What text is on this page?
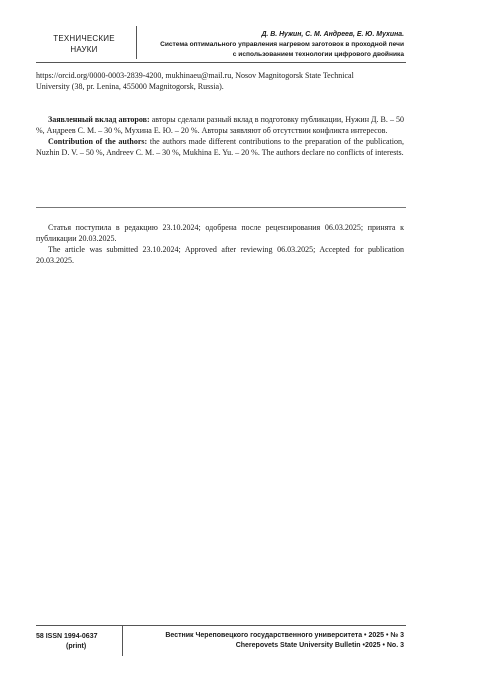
ТЕХНИЧЕСКИЕ
НАУКИ
Д. В. Нужин, С. М. Андреев, Е. Ю. Мухина.
Система оптимального управления нагревом заготовок в проходной печи
с использованием технологии цифрового двойника

https://orcid.org/0000-0003-2839-4200, mukhinaeu@mail.ru, Nosov Magnitogorsk State Technical

University (38, pr. Lenina, 455000 Magnitogorsk, Russia).

Заявленный вклад авторов: авторы сделали разный вклад в подготовку публикации, Нужин Д. В. – 50 %, Андреев С. М. – 30 %, Мухина Е. Ю. – 20 %. Авторы заявляют об отсутствии конфликта интересов.

Contribution of the authors: the authors made different contributions to the preparation of the publication, Nuzhin D. V. – 50 %, Andreev C. M. – 30 %, Mukhina E. Yu. – 20 %. The authors declare no conflicts of interests.

Статья поступила в редакцию 23.10.2024; одобрена после рецензирования 06.03.2025; принята к публикации 20.03.2025.

The article was submitted 23.10.2024; Approved after reviewing 06.03.2025; Accepted for publication 20.03.2025.

58 ISSN 1994-0637
(print)
Вестник Череповецкого государственного университета • 2025 • № 3
Cherepovets State University Bulletin •2025 • No. 3
